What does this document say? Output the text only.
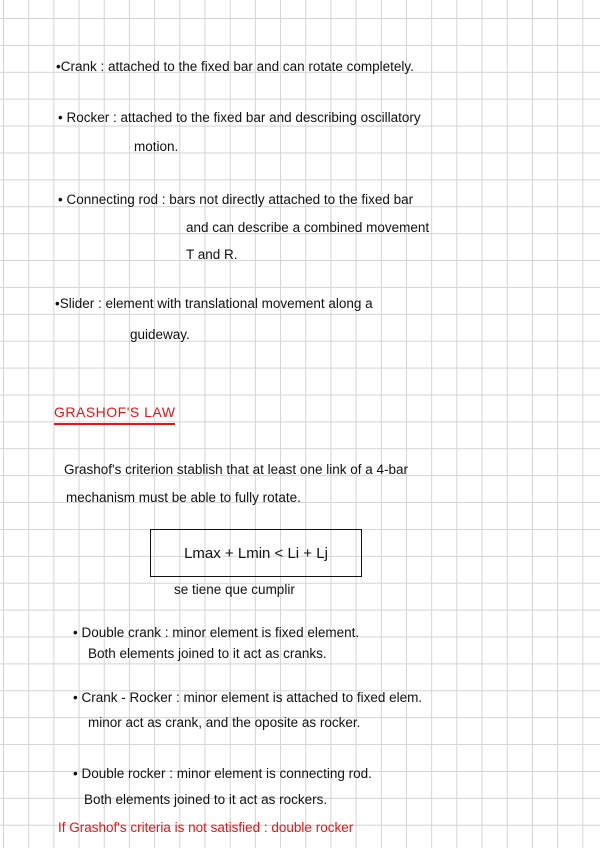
•Crank : attached to the fixed bar and can rotate completely.
• Rocker : attached to the fixed bar and describing oscillatory
motion.
• Connecting rod : bars not directly attached to the fixed bar
and can describe a combined movement
T and R.
•Slider : element with translational movement along a
guideway.
GRASHOF'S LAW
Grashof's criterion stablish that at least one link of a 4-bar
mechanism must be able to fully rotate.
Lmax + Lmin < Li + Lj
se tiene que cumplir
• Double crank : minor element is fixed element.
Both elements joined to it act as cranks.
• Crank - Rocker : minor element is attached to fixed elem.
minor act as crank, and the oposite as rocker.
• Double rocker : minor element is connecting rod.
Both elements joined to it act as rockers.
If Grashof's criteria is not satisfied : double rocker
